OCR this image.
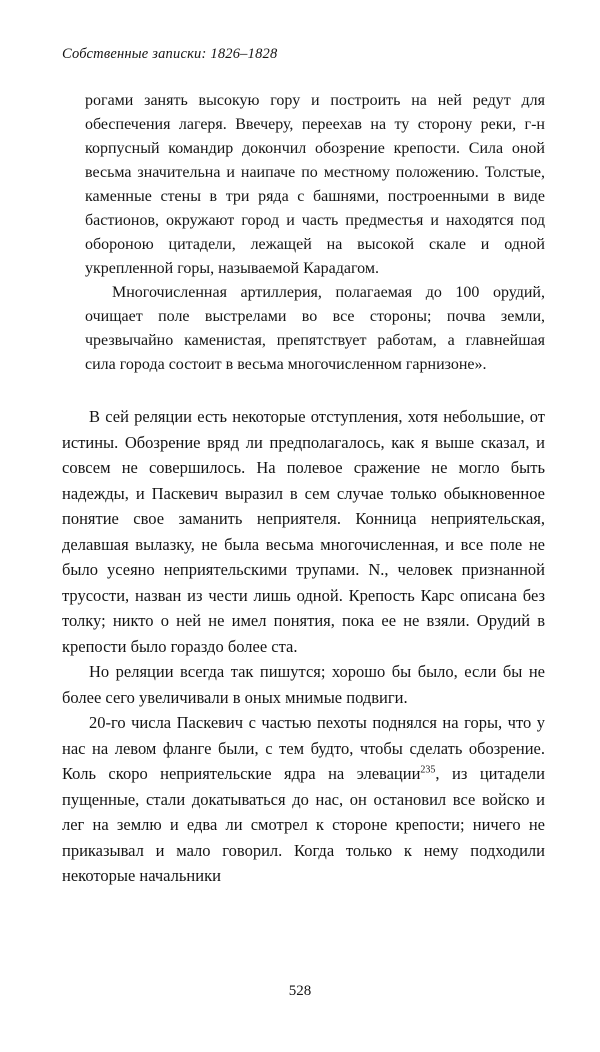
Собственные записки: 1826–1828

рогами занять высокую гору и построить на ней редут для обеспечения лагеря. Ввечеру, переехав на ту сторону реки, г-н корпусный командир докончил обозрение крепости. Сила оной весьма значительна и наипаче по местному положению. Толстые, каменные стены в три ряда с башнями, построенными в виде бастионов, окружают город и часть предместья и находятся под обороною цитадели, лежащей на высокой скале и одной укрепленной горы, называемой Карадагом.

Многочисленная артиллерия, полагаемая до 100 орудий, очищает поле выстрелами во все стороны; почва земли, чрезвычайно каменистая, препятствует работам, а главнейшая сила города состоит в весьма многочисленном гарнизоне».

В сей реляции есть некоторые отступления, хотя небольшие, от истины. Обозрение вряд ли предполагалось, как я выше сказал, и совсем не совершилось. На полевое сражение не могло быть надежды, и Паскевич выразил в сем случае только обыкновенное понятие свое заманить неприятеля. Конница неприятельская, делавшая вылазку, не была весьма многочисленная, и все поле не было усеяно неприятельскими трупами. N., человек признанной трусости, назван из чести лишь одной. Крепость Карс описана без толку; никто о ней не имел понятия, пока ее не взяли. Орудий в крепости было гораздо более ста.

Но реляции всегда так пишутся; хорошо бы было, если бы не более сего увеличивали в оных мнимые подвиги.

20-го числа Паскевич с частью пехоты поднялся на горы, что у нас на левом фланге были, с тем будто, чтобы сделать обозрение. Коль скоро неприятельские ядра на элевации$^{235}$, из цитадели пущенные, стали докатываться до нас, он остановил все войско и лег на землю и едва ли смотрел к стороне крепости; ничего не приказывал и мало говорил. Когда только к нему подходили некоторые начальники

528
